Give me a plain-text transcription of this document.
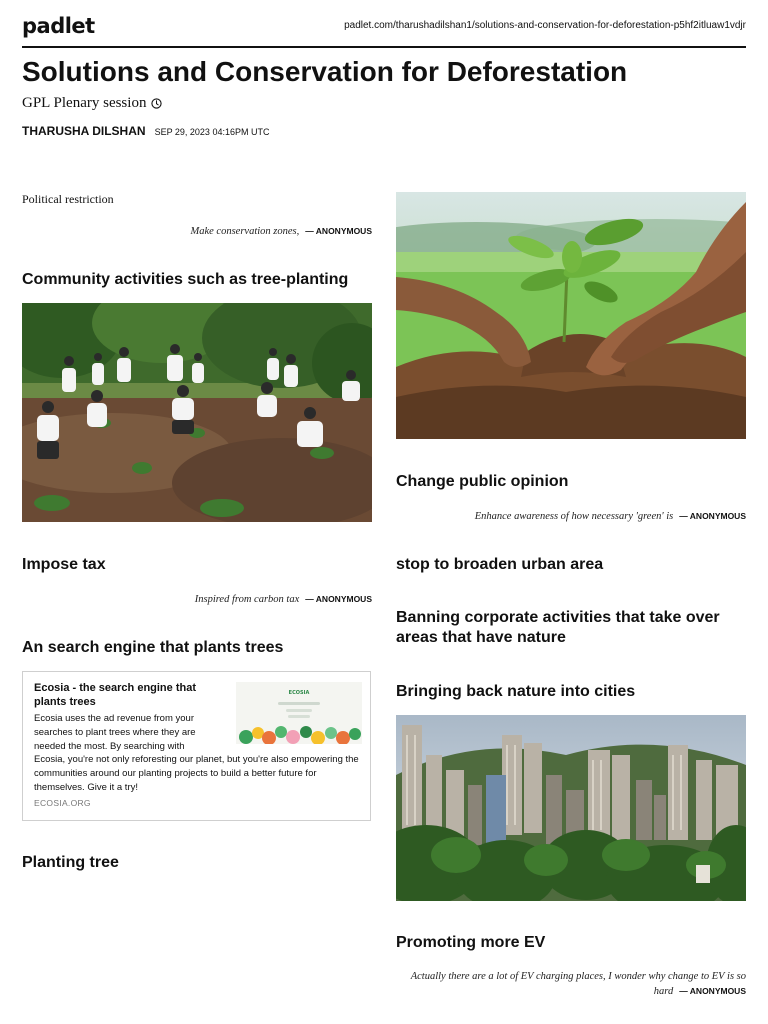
padlet	padlet.com/tharushadilshan1/solutions-and-conservation-for-deforestation-p5hf2itluaw1vdjr
Solutions and Conservation for Deforestation
GPL Plenary session
THARUSHA DILSHAN SEP 29, 2023 04:16PM UTC
Political restriction
Make conservation zones, — ANONYMOUS
Community activities such as tree-planting
Impose tax
Inspired from carbon tax — ANONYMOUS
An search engine that plants trees
Ecosia - the search engine that plants trees
Ecosia uses the ad revenue from your searches to plant trees where they are needed the most. By searching with
Ecosia, you're not only reforesting our planet, but you're also empowering the communities around our planting projects to build a better future for themselves. Give it a try!
ECOSIA.ORG
ECOSIA
Planting tree
Change public opinion
Enhance awareness of how necessary 'green' is — ANONYMOUS
stop to broaden urban area
Banning corporate activities that take over areas that have nature
Bringing back nature into cities
Promoting more EV
Actually there are a lot of EV charging places, I wonder why change to EV is so hard — ANONYMOUS
